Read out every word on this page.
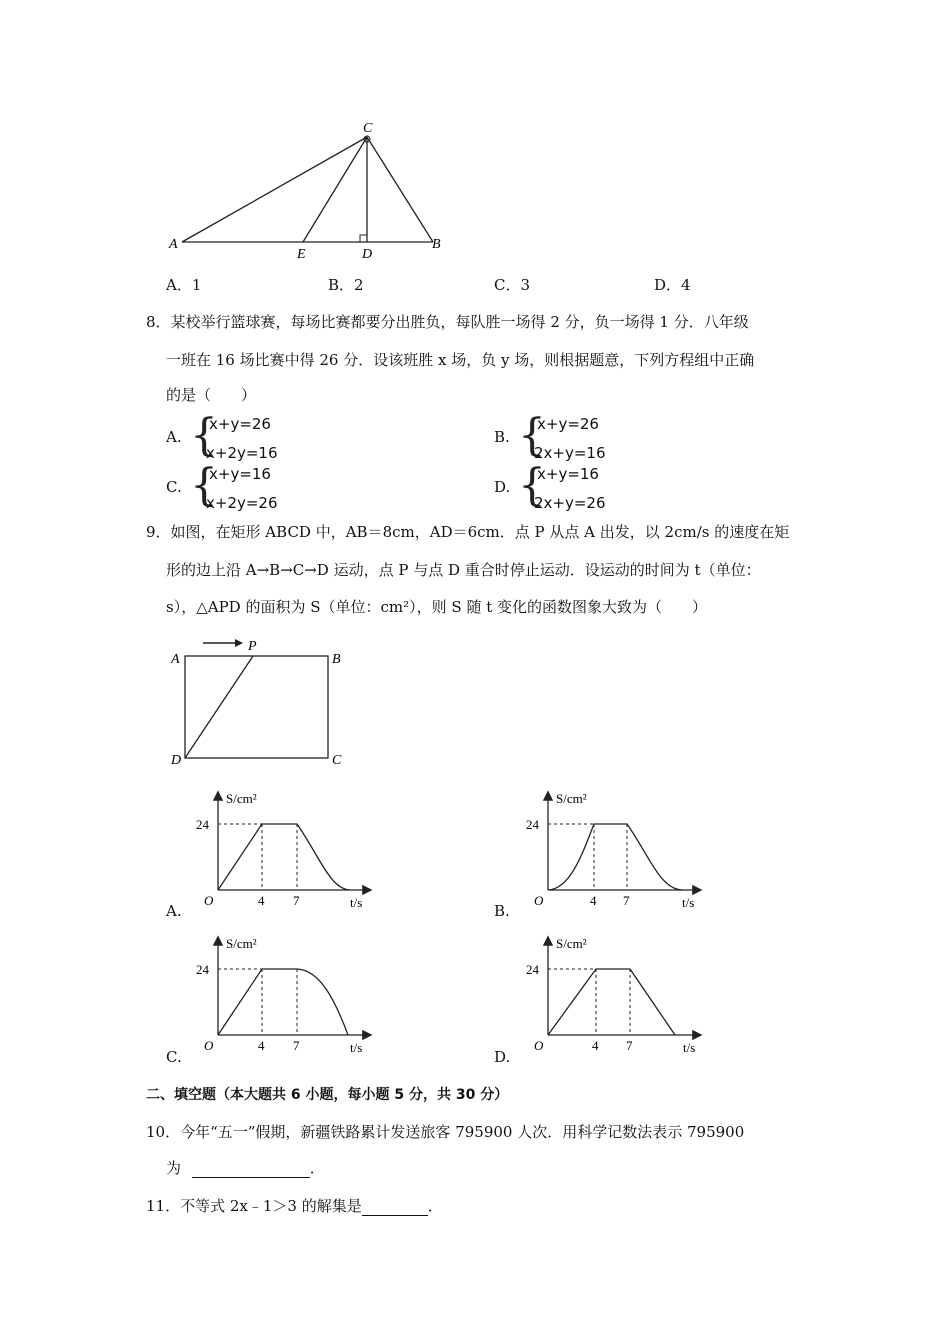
C
A
E	D
B
A．1	B．2	C．3	D．4
8．某校举行篮球赛，每场比赛都要分出胜负，每队胜一场得 2 分，负一场得 1 分．八年级
一班在 16 场比赛中得 26 分．设该班胜 x 场，负 y 场，则根据题意，下列方程组中正确
的是（　　）
A. {
x+y=26
x+2y=16
B. {
x+y=26
2x+y=16
C. {
x+y=16
x+2y=26
D. {
x+y=16
2x+y=26
9．如图，在矩形 ABCD 中，AB＝8cm，AD＝6cm．点 P 从点 A 出发，以 2cm/s 的速度在矩
形的边上沿 A→B→C→D 运动，点 P 与点 D 重合时停止运动．设运动的时间为 t（单位：
s），△APD 的面积为 S（单位：cm²），则 S 随 t 变化的函数图象大致为（　　）
A
P
B
D	C
S/cm²
24
O	4 7	t/s
A.
S/cm²
24
O	4 7	t/s
B.
S/cm²
24
O	4 7	t/s
C.
S/cm²
24
O	4 7	t/s
D.
二、填空题（本大题共 6 小题，每小题 5 分，共 30 分）
10．今年“五一”假期，新疆铁路累计发送旅客 795900 人次．用科学记数法表示 795900
为	．
11．不等式 2x﹣1＞3 的解集是	．
